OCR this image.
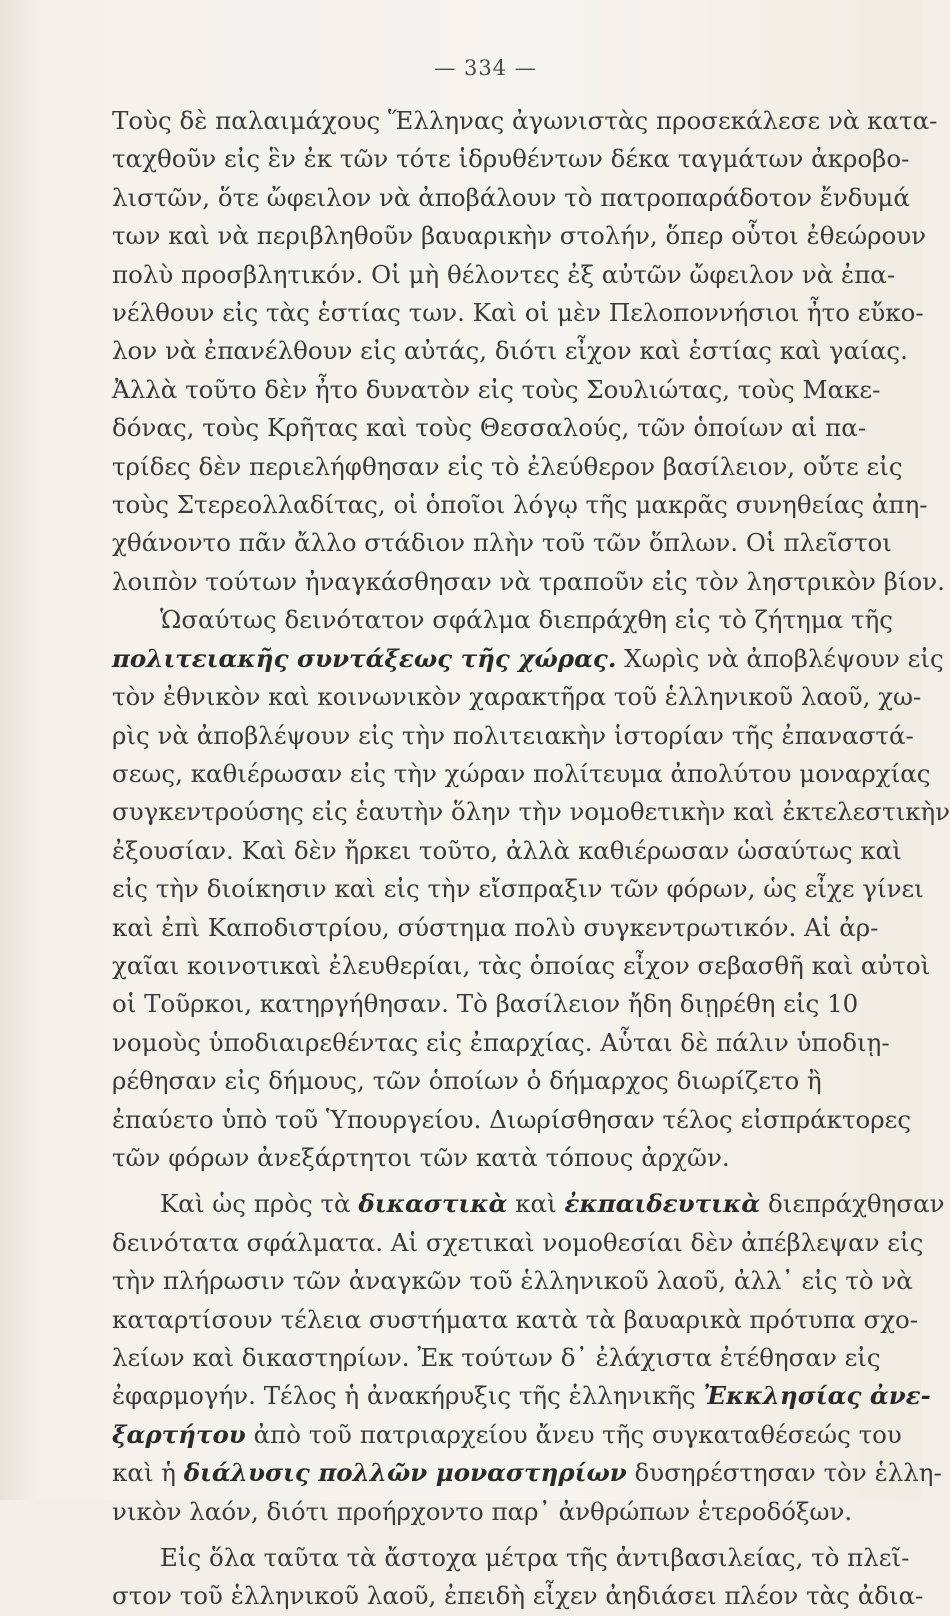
— 334 —
Τοὺς δὲ παλαιμάχους Ἕλληνας ἀγωνιστὰς προσεκάλεσε νὰ κατα-
ταχθοῦν εἰς ἓν ἐκ τῶν τότε ἱδρυθέντων δέκα ταγμάτων ἀκροβο-
λιστῶν, ὅτε ὤφειλον νὰ ἀποβάλουν τὸ πατροπαράδοτον ἔνδυμά
των καὶ νὰ περιβληθοῦν βαυαρικὴν στολήν, ὅπερ οὗτοι ἐθεώρουν
πολὺ προσβλητικόν. Οἱ μὴ θέλοντες ἐξ αὐτῶν ὤφειλον νὰ ἐπα-
νέλθουν εἰς τὰς ἑστίας των. Καὶ οἱ μὲν Πελοποννήσιοι ἦτο εὔκο-
λον νὰ ἐπανέλθουν εἰς αὐτάς, διότι εἶχον καὶ ἑστίας καὶ γαίας.
Ἀλλὰ τοῦτο δὲν ἦτο δυνατὸν εἰς τοὺς Σουλιώτας, τοὺς Μακε-
δόνας, τοὺς Κρῆτας καὶ τοὺς Θεσσαλούς, τῶν ὁποίων αἱ πα-
τρίδες δὲν περιελήφθησαν εἰς τὸ ἐλεύθερον βασίλειον, οὔτε εἰς
τοὺς Στερεολλαδίτας, οἱ ὁποῖοι λόγῳ τῆς μακρᾶς συνηθείας ἀπη-
χθάνοντο πᾶν ἄλλο στάδιον πλὴν τοῦ τῶν ὅπλων. Οἱ πλεῖστοι
λοιπὸν τούτων ἠναγκάσθησαν νὰ τραποῦν εἰς τὸν ληστρικὸν βίον.
Ὡσαύτως δεινότατον σφάλμα διεπράχθη εἰς τὸ ζήτημα τῆς
πολιτειακῆς συντάξεως τῆς χώρας. Χωρὶς νὰ ἀποβλέψουν εἰς
τὸν ἐθνικὸν καὶ κοινωνικὸν χαρακτῆρα τοῦ ἑλληνικοῦ λαοῦ, χω-
ρὶς νὰ ἀποβλέψουν εἰς τὴν πολιτειακὴν ἱστορίαν τῆς ἐπαναστά-
σεως, καθιέρωσαν εἰς τὴν χώραν πολίτευμα ἀπολύτου μοναρχίας
συγκεντρούσης εἰς ἑαυτὴν ὅλην τὴν νομοθετικὴν καὶ ἐκτελεστικὴν
ἐξουσίαν. Καὶ δὲν ἤρκει τοῦτο, ἀλλὰ καθιέρωσαν ὡσαύτως καὶ
εἰς τὴν διοίκησιν καὶ εἰς τὴν εἴσπραξιν τῶν φόρων, ὡς εἶχε γίνει
καὶ ἐπὶ Καποδιστρίου, σύστημα πολὺ συγκεντρωτικόν. Αἱ ἀρ-
χαῖαι κοινοτικαὶ ἐλευθερίαι, τὰς ὁποίας εἶχον σεβασθῆ καὶ αὐτοὶ
οἱ Τοῦρκοι, κατηργήθησαν. Τὸ βασίλειον ἤδη διῃρέθη εἰς 10
νομοὺς ὑποδιαιρεθέντας εἰς ἐπαρχίας. Αὗται δὲ πάλιν ὑποδιῃ-
ρέθησαν εἰς δήμους, τῶν ὁποίων ὁ δήμαρχος διωρίζετο ἢ
ἐπαύετο ὑπὸ τοῦ Ὑπουργείου. Διωρίσθησαν τέλος εἰσπράκτορες
τῶν φόρων ἀνεξάρτητοι τῶν κατὰ τόπους ἀρχῶν.
Καὶ ὡς πρὸς τὰ δικαστικὰ καὶ ἐκπαιδευτικὰ διεπράχθησαν
δεινότατα σφάλματα. Αἱ σχετικαὶ νομοθεσίαι δὲν ἀπέβλεψαν εἰς
τὴν πλήρωσιν τῶν ἀναγκῶν τοῦ ἑλληνικοῦ λαοῦ, ἀλλ᾿ εἰς τὸ νὰ
καταρτίσουν τέλεια συστήματα κατὰ τὰ βαυαρικὰ πρότυπα σχο-
λείων καὶ δικαστηρίων. Ἐκ τούτων δ᾿ ἐλάχιστα ἐτέθησαν εἰς
ἐφαρμογήν. Τέλος ἡ ἀνακήρυξις τῆς ἑλληνικῆς Ἐκκλησίας ἀνε-
ξαρτήτου ἀπὸ τοῦ πατριαρχείου ἄνευ τῆς συγκαταθέσεώς του
καὶ ἡ διάλυσις πολλῶν μοναστηρίων δυσηρέστησαν τὸν ἑλλη-
νικὸν λαόν, διότι προήρχοντο παρ᾿ ἀνθρώπων ἑτεροδόξων.
Εἰς ὅλα ταῦτα τὰ ἄστοχα μέτρα τῆς ἀντιβασιλείας, τὸ πλεῖ-
στον τοῦ ἑλληνικοῦ λαοῦ, ἐπειδὴ εἶχεν ἀηδιάσει πλέον τὰς ἀδια-
